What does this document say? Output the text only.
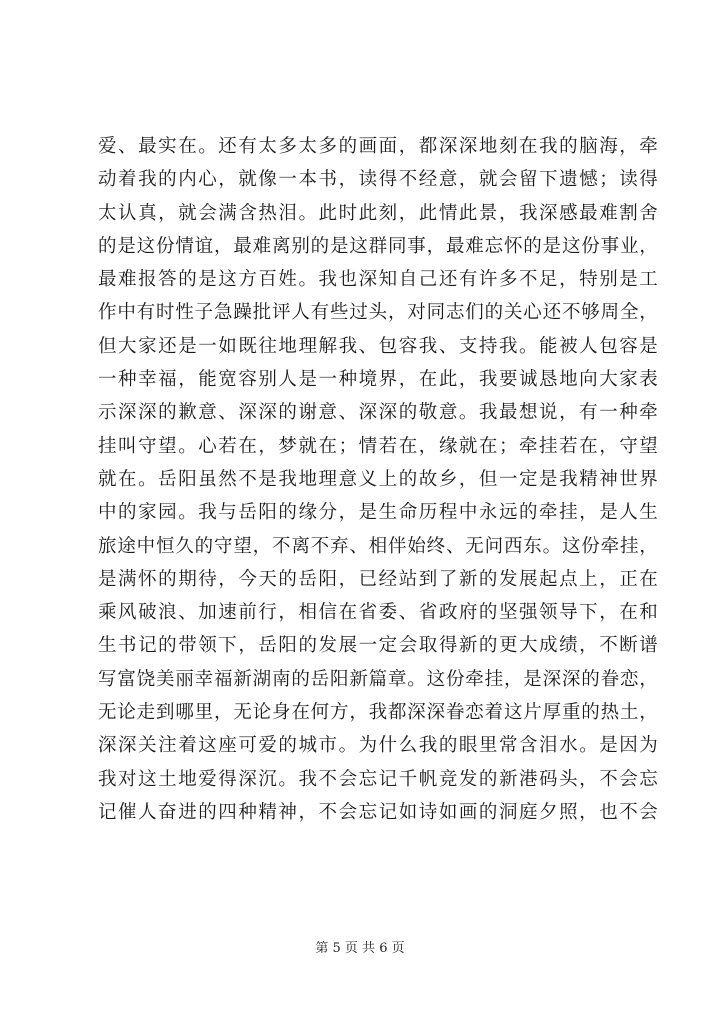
爱、最实在。还有太多太多的画面，都深深地刻在我的脑海，牵
动着我的内心，就像一本书，读得不经意，就会留下遗憾；读得
太认真，就会满含热泪。此时此刻，此情此景，我深感最难割舍
的是这份情谊，最难离别的是这群同事，最难忘怀的是这份事业，
最难报答的是这方百姓。我也深知自己还有许多不足，特别是工
作中有时性子急躁批评人有些过头，对同志们的关心还不够周全，
但大家还是一如既往地理解我、包容我、支持我。能被人包容是
一种幸福，能宽容别人是一种境界，在此，我要诚恳地向大家表
示深深的歉意、深深的谢意、深深的敬意。我最想说，有一种牵
挂叫守望。心若在，梦就在；情若在，缘就在；牵挂若在，守望
就在。岳阳虽然不是我地理意义上的故乡，但一定是我精神世界
中的家园。我与岳阳的缘分，是生命历程中永远的牵挂，是人生
旅途中恒久的守望，不离不弃、相伴始终、无问西东。这份牵挂，
是满怀的期待，今天的岳阳，已经站到了新的发展起点上，正在
乘风破浪、加速前行，相信在省委、省政府的坚强领导下，在和
生书记的带领下，岳阳的发展一定会取得新的更大成绩，不断谱
写富饶美丽幸福新湖南的岳阳新篇章。这份牵挂，是深深的眷恋，
无论走到哪里，无论身在何方，我都深深眷恋着这片厚重的热土，
深深关注着这座可爱的城市。为什么我的眼里常含泪水。是因为
我对这土地爱得深沉。我不会忘记千帆竞发的新港码头，不会忘
记催人奋进的四种精神，不会忘记如诗如画的洞庭夕照，也不会
第 5 页 共 6 页
